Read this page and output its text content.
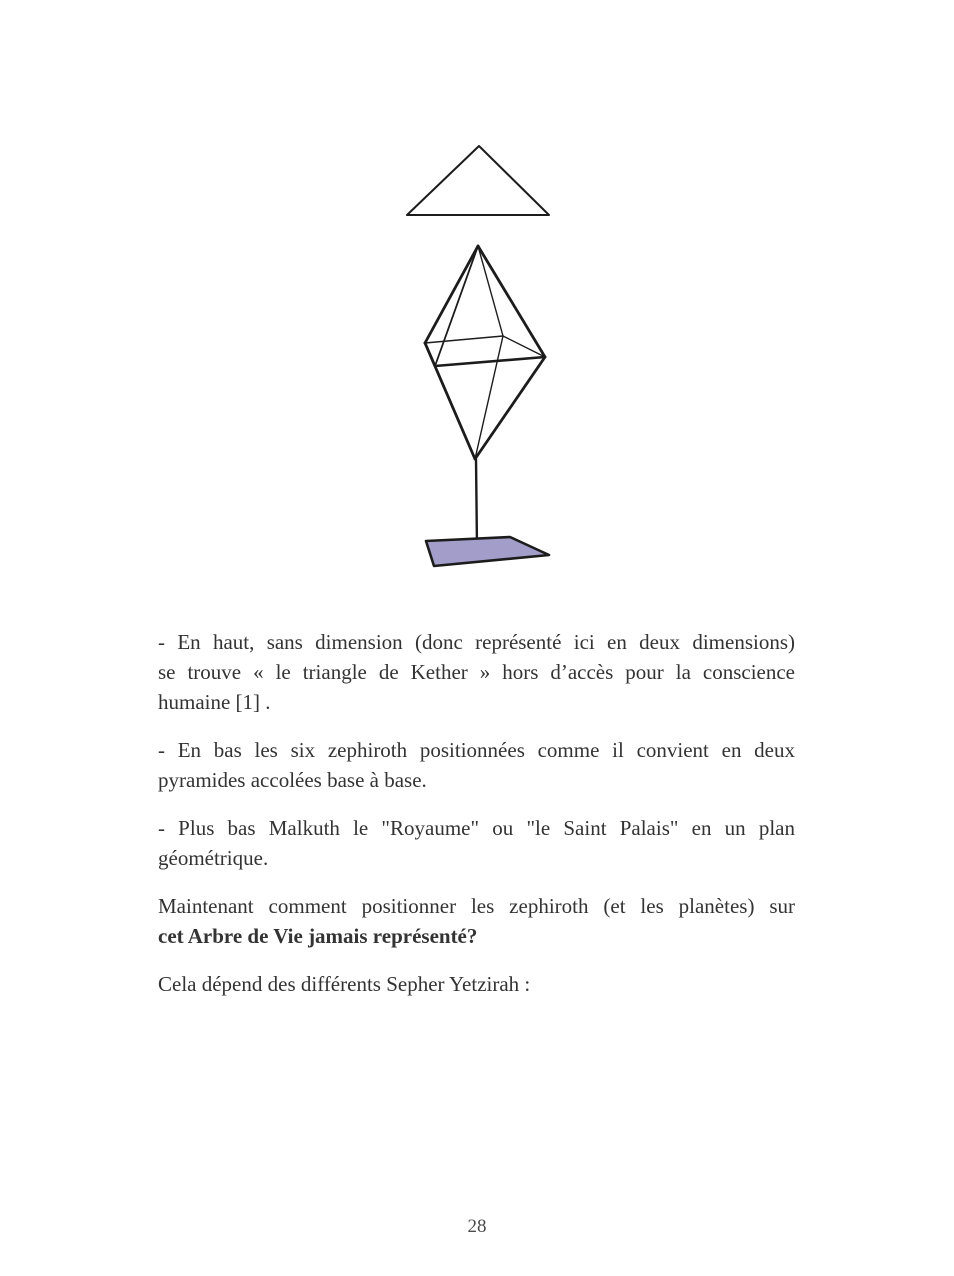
- En haut, sans dimension (donc représenté ici en deux dimensions)
se trouve « le triangle de Kether » hors d’accès pour la conscience
humaine [1] .

- En bas les six zephiroth positionnées comme il convient en deux
pyramides accolées base à base.

- Plus bas Malkuth le "Royaume" ou "le Saint Palais" en un plan
géométrique.

Maintenant comment positionner les zephiroth (et les planètes) sur
cet Arbre de Vie jamais représenté?

Cela dépend des différents Sepher Yetzirah :

28
